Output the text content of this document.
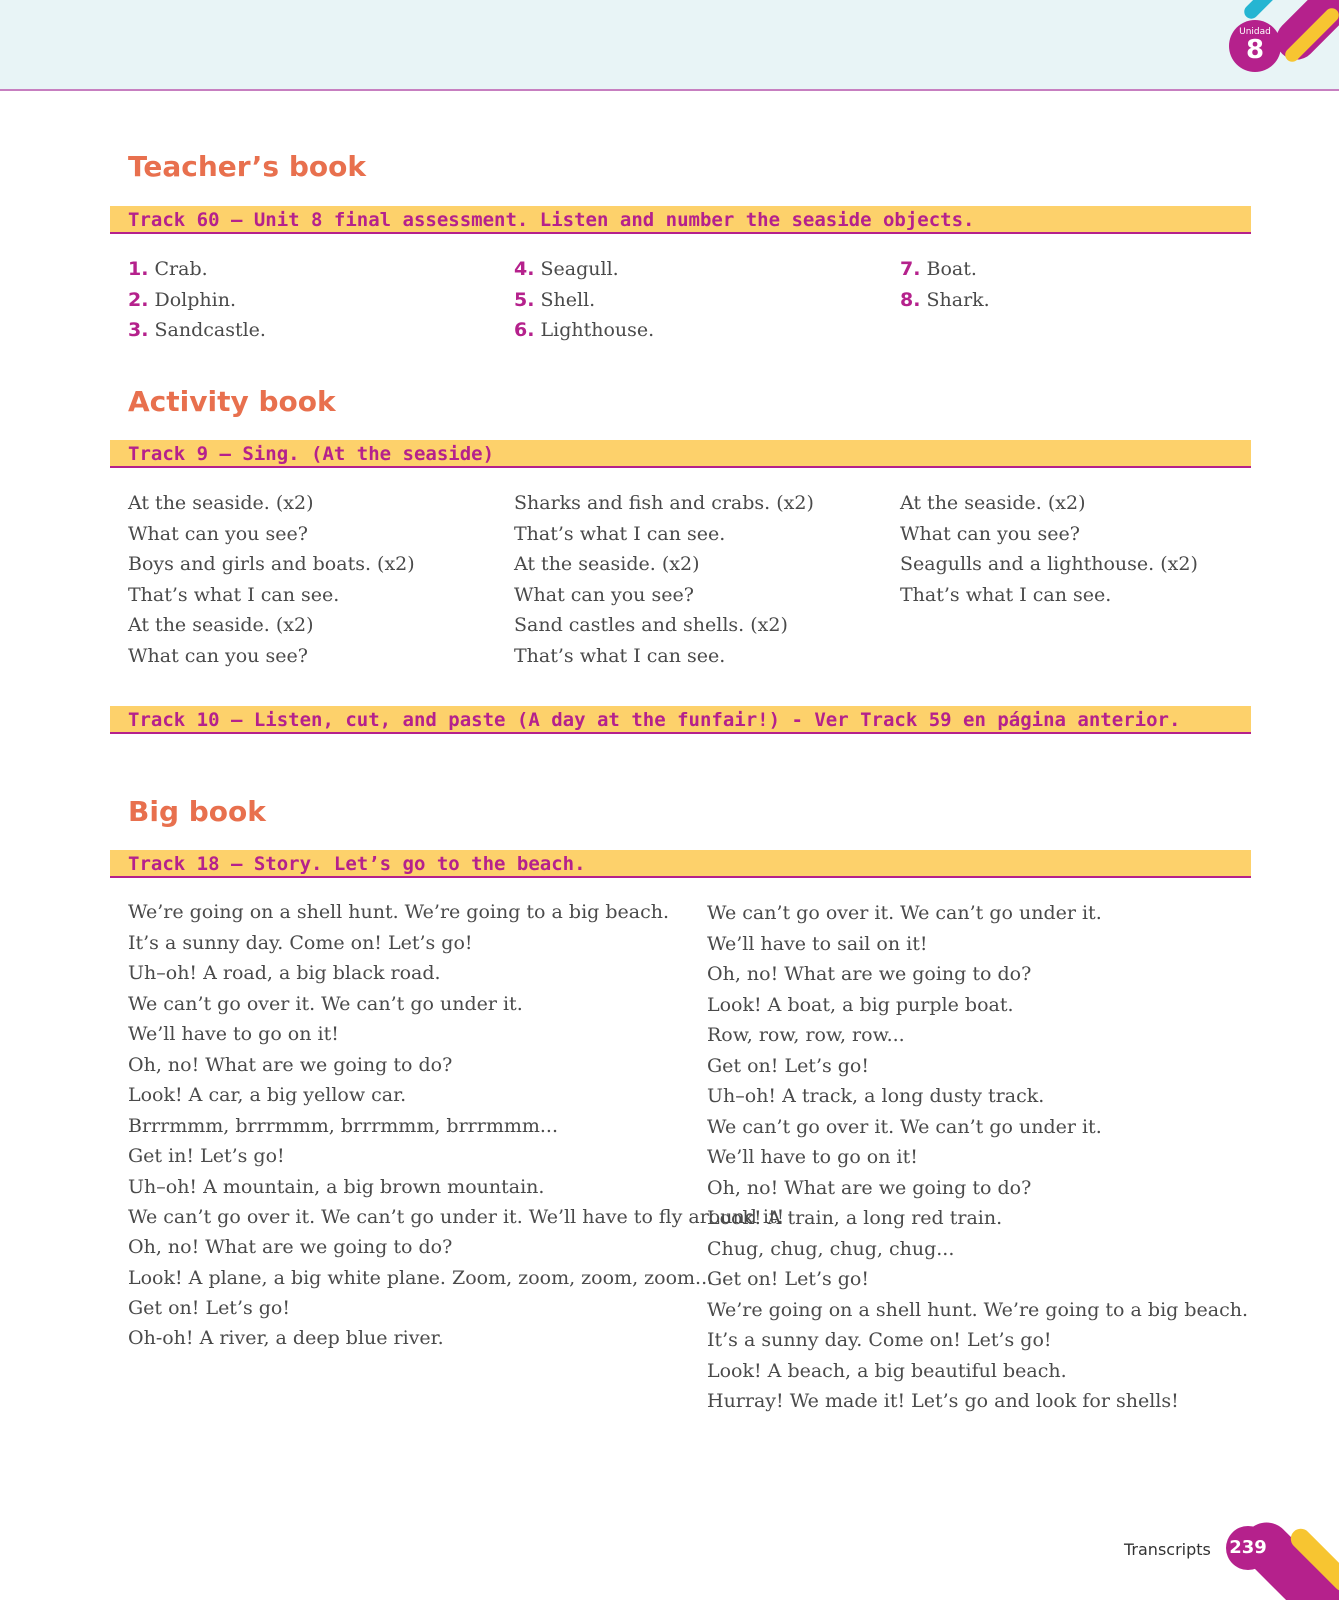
Unidad
8
Teacher’s book
Track 60 – Unit 8 final assessment. Listen and number the seaside objects.
1. Crab.
2. Dolphin.
3. Sandcastle.
4. Seagull.
5. Shell.
6. Lighthouse.
7. Boat.
8. Shark.
Activity book
Track 9 – Sing. (At the seaside)
At the seaside. (x2)
What can you see?
Boys and girls and boats. (x2)
That’s what I can see.
At the seaside. (x2)
What can you see?
Sharks and fish and crabs. (x2)
That’s what I can see.
At the seaside. (x2)
What can you see?
Sand castles and shells. (x2)
That’s what I can see.
At the seaside. (x2)
What can you see?
Seagulls and a lighthouse. (x2)
That’s what I can see.
Track 10 – Listen, cut, and paste (A day at the funfair!) - Ver Track 59 en página anterior.
Big book
Track 18 – Story. Let’s go to the beach.
We’re going on a shell hunt. We’re going to a big beach.
It’s a sunny day. Come on! Let’s go!
Uh–oh! A road, a big black road.
We can’t go over it. We can’t go under it.
We’ll have to go on it!
Oh, no! What are we going to do?
Look! A car, a big yellow car.
Brrrmmm, brrrmmm, brrrmmm, brrrmmm...
Get in! Let’s go!
Uh–oh! A mountain, a big brown mountain.
We can’t go over it. We can’t go under it. We’ll have to fly around it!
Oh, no! What are we going to do?
Look! A plane, a big white plane. Zoom, zoom, zoom, zoom...
Get on! Let’s go!
Oh-oh! A river, a deep blue river.
We can’t go over it. We can’t go under it.
We’ll have to sail on it!
Oh, no! What are we going to do?
Look! A boat, a big purple boat.
Row, row, row, row...
Get on! Let’s go!
Uh–oh! A track, a long dusty track.
We can’t go over it. We can’t go under it.
We’ll have to go on it!
Oh, no! What are we going to do?
Look! A train, a long red train.
Chug, chug, chug, chug...
Get on! Let’s go!
We’re going on a shell hunt. We’re going to a big beach.
It’s a sunny day. Come on! Let’s go!
Look! A beach, a big beautiful beach.
Hurray! We made it! Let’s go and look for shells!
Transcripts 239
